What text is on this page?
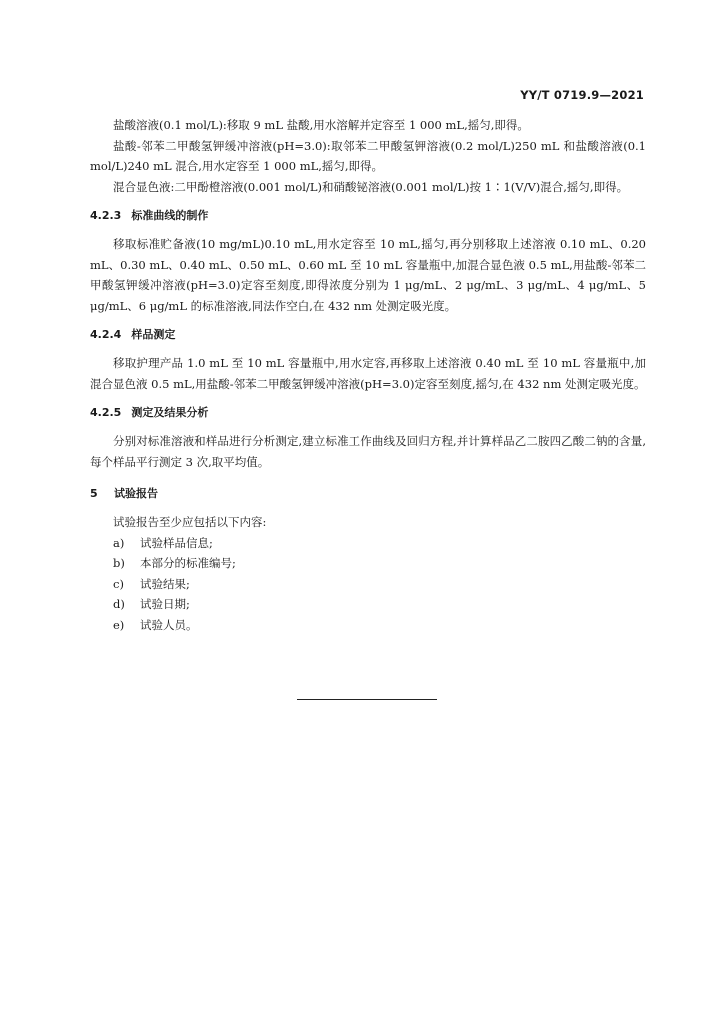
YY/T 0719.9—2021

盐酸溶液(0.1 mol/L):移取 9 mL 盐酸,用水溶解并定容至 1 000 mL,摇匀,即得。

盐酸-邻苯二甲酸氢钾缓冲溶液(pH=3.0):取邻苯二甲酸氢钾溶液(0.2 mol/L)250 mL 和盐酸溶液(0.1 mol/L)240 mL 混合,用水定容至 1 000 mL,摇匀,即得。

混合显色液:二甲酚橙溶液(0.001 mol/L)和硝酸铋溶液(0.001 mol/L)按 1∶1(V/V)混合,摇匀,即得。

4.2.3 标准曲线的制作

移取标准贮备液(10 mg/mL)0.10 mL,用水定容至 10 mL,摇匀,再分别移取上述溶液 0.10 mL、0.20 mL、0.30 mL、0.40 mL、0.50 mL、0.60 mL 至 10 mL 容量瓶中,加混合显色液 0.5 mL,用盐酸-邻苯二甲酸氢钾缓冲溶液(pH=3.0)定容至刻度,即得浓度分别为 1 μg/mL、2 μg/mL、3 μg/mL、4 μg/mL、5 μg/mL、6 μg/mL 的标准溶液,同法作空白,在 432 nm 处测定吸光度。

4.2.4 样品测定

移取护理产品 1.0 mL 至 10 mL 容量瓶中,用水定容,再移取上述溶液 0.40 mL 至 10 mL 容量瓶中,加混合显色液 0.5 mL,用盐酸-邻苯二甲酸氢钾缓冲溶液(pH=3.0)定容至刻度,摇匀,在 432 nm 处测定吸光度。

4.2.5 测定及结果分析

分别对标准溶液和样品进行分析测定,建立标准工作曲线及回归方程,并计算样品乙二胺四乙酸二钠的含量,每个样品平行测定 3 次,取平均值。

5	试验报告

试验报告至少应包括以下内容:

a)	试验样品信息;
b)	本部分的标准编号;
c)	试验结果;
d)	试验日期;
e)	试验人员。
